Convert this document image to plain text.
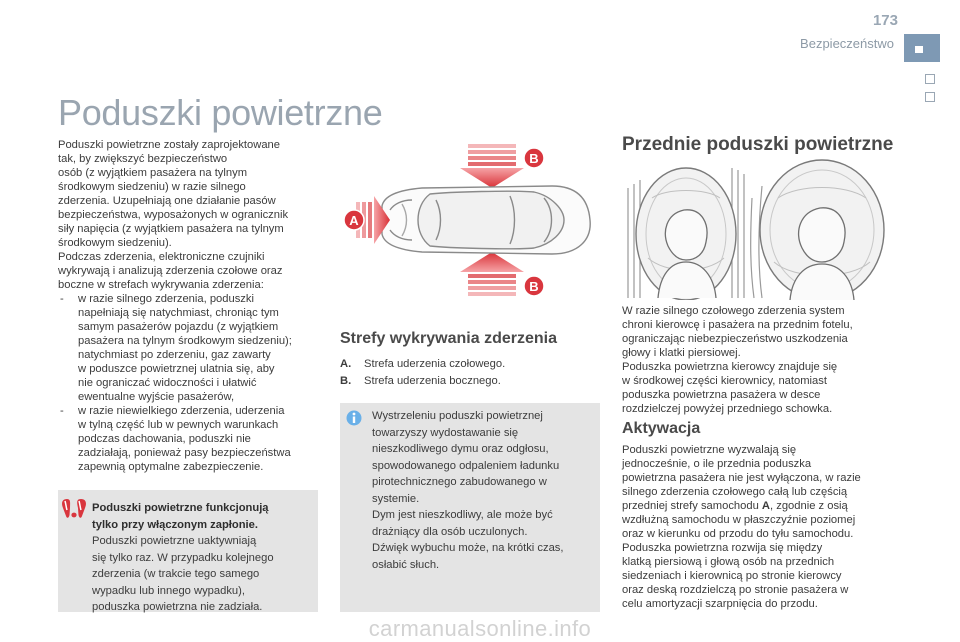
173
Bezpieczeństwo
Poduszki powietrzne

Poduszki powietrzne zostały zaprojektowane

tak, by zwiększyć bezpieczeństwo

osób (z wyjątkiem pasażera na tylnym

środkowym siedzeniu) w razie silnego

zderzenia. Uzupełniają one działanie pasów

bezpieczeństwa, wyposażonych w ogranicznik

siły napięcia (z wyjątkiem pasażera na tylnym

środkowym siedzeniu).

Podczas zderzenia, elektroniczne czujniki

wykrywają i analizują zderzenia czołowe oraz

boczne w strefach wykrywania zderzenia:

- w razie silnego zderzenia, poduszki

napełniają się natychmiast, chroniąc tym

samym pasażerów pojazdu (z wyjątkiem

pasażera na tylnym środkowym siedzeniu);

natychmiast po zderzeniu, gaz zawarty

w poduszce powietrznej ulatnia się, aby

nie ograniczać widoczności i ułatwić

ewentualne wyjście pasażerów,

- w razie niewielkiego zderzenia, uderzenia

w tylną część lub w pewnych warunkach

podczas dachowania, poduszki nie

zadziałają, ponieważ pasy bezpieczeństwa

zapewnią optymalne zabezpieczenie.

Poduszki powietrzne funkcjonują
tylko przy włączonym zapłonie.
Poduszki powietrzne uaktywniają
się tylko raz. W przypadku kolejnego
zderzenia (w trakcie tego samego
wypadku lub innego wypadku),
poduszka powietrzna nie zadziała.
A
B
B
Strefy wykrywania zderzenia
A. Strefa uderzenia czołowego.
B. Strefa uderzenia bocznego.

Wystrzeleniu poduszki powietrznej

towarzyszy wydostawanie się

nieszkodliwego dymu oraz odgłosu,

spowodowanego odpaleniem ładunku

pirotechnicznego zabudowanego w

systemie.

Dym jest nieszkodliwy, ale może być

drażniący dla osób uczulonych.

Dźwięk wybuchu może, na krótki czas,

osłabić słuch.

Przednie poduszki powietrzne

W razie silnego czołowego zderzenia system

chroni kierowcę i pasażera na przednim fotelu,

ograniczając niebezpieczeństwo uszkodzenia

głowy i klatki piersiowej.

Poduszka powietrzna kierowcy znajduje się

w środkowej części kierownicy, natomiast

poduszka powietrzna pasażera w desce

rozdzielczej powyżej przedniego schowka.

Aktywacja

Poduszki powietrzne wyzwalają się

jednocześnie, o ile przednia poduszka

powietrzna pasażera nie jest wyłączona, w razie

silnego zderzenia czołowego całą lub częścią

przedniej strefy samochodu A, zgodnie z osią

wzdłużną samochodu w płaszczyźnie poziomej

oraz w kierunku od przodu do tyłu samochodu.

Poduszka powietrzna rozwija się między

klatką piersiową i głową osób na przednich

siedzeniach i kierownicą po stronie kierowcy

oraz deską rozdzielczą po stronie pasażera w

celu amortyzacji szarpnięcia do przodu.

carmanualsonline.info
